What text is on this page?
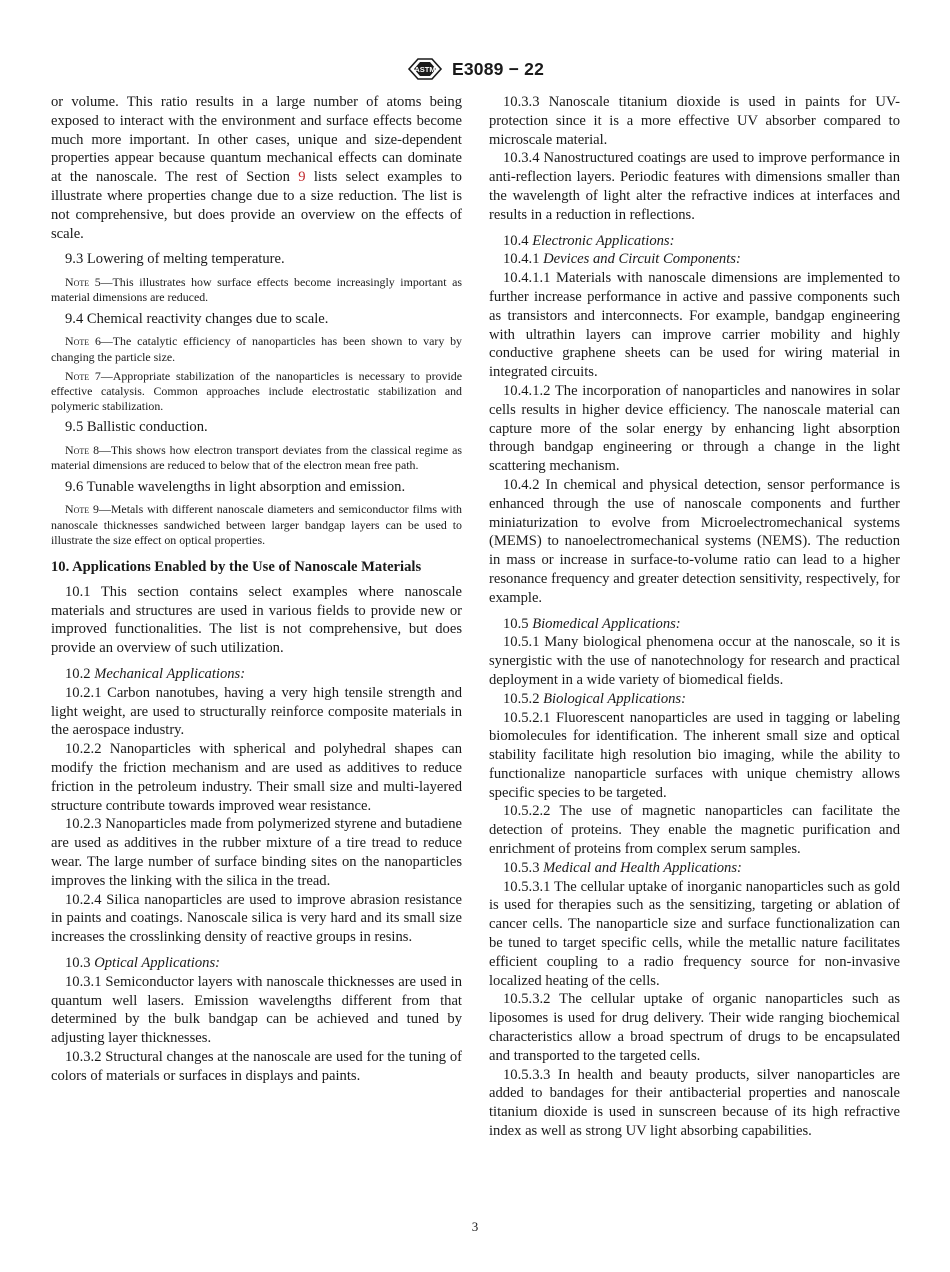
ASTM E3089 − 22

or volume. This ratio results in a large number of atoms being exposed to interact with the environment and surface effects become much more important. In other cases, unique and size-dependent properties appear because quantum mechanical effects can dominate at the nanoscale. The rest of Section 9 lists select examples to illustrate where properties change due to a size reduction. The list is not comprehensive, but does provide an overview on the effects of scale.

9.3 Lowering of melting temperature.

Note 5—This illustrates how surface effects become increasingly important as material dimensions are reduced.

9.4 Chemical reactivity changes due to scale.

Note 6—The catalytic efficiency of nanoparticles has been shown to vary by changing the particle size.

Note 7—Appropriate stabilization of the nanoparticles is necessary to provide effective catalysis. Common approaches include electrostatic stabilization and polymeric stabilization.

9.5 Ballistic conduction.

Note 8—This shows how electron transport deviates from the classical regime as material dimensions are reduced to below that of the electron mean free path.

9.6 Tunable wavelengths in light absorption and emission.

Note 9—Metals with different nanoscale diameters and semiconductor films with nanoscale thicknesses sandwiched between larger bandgap layers can be used to illustrate the size effect on optical properties.

10. Applications Enabled by the Use of Nanoscale Materials

10.1 This section contains select examples where nanoscale materials and structures are used in various fields to provide new or improved functionalities. The list is not comprehensive, but does provide an overview of such utilization.

10.2 Mechanical Applications:

10.2.1 Carbon nanotubes, having a very high tensile strength and light weight, are used to structurally reinforce composite materials in the aerospace industry.

10.2.2 Nanoparticles with spherical and polyhedral shapes can modify the friction mechanism and are used as additives to reduce friction in the petroleum industry. Their small size and multi-layered structure contribute towards improved wear resistance.

10.2.3 Nanoparticles made from polymerized styrene and butadiene are used as additives in the rubber mixture of a tire tread to reduce wear. The large number of surface binding sites on the nanoparticles improves the linking with the silica in the tread.

10.2.4 Silica nanoparticles are used to improve abrasion resistance in paints and coatings. Nanoscale silica is very hard and its small size increases the crosslinking density of reactive groups in resins.

10.3 Optical Applications:

10.3.1 Semiconductor layers with nanoscale thicknesses are used in quantum well lasers. Emission wavelengths different from that determined by the bulk bandgap can be achieved and tuned by adjusting layer thicknesses.

10.3.2 Structural changes at the nanoscale are used for the tuning of colors of materials or surfaces in displays and paints.

10.3.3 Nanoscale titanium dioxide is used in paints for UV-protection since it is a more effective UV absorber compared to microscale material.

10.3.4 Nanostructured coatings are used to improve performance in anti-reflection layers. Periodic features with dimensions smaller than the wavelength of light alter the refractive indices at interfaces and results in a reduction in reflections.

10.4 Electronic Applications:

10.4.1 Devices and Circuit Components:

10.4.1.1 Materials with nanoscale dimensions are implemented to further increase performance in active and passive components such as transistors and interconnects. For example, bandgap engineering with ultrathin layers can improve carrier mobility and highly conductive graphene sheets can be used for wiring material in integrated circuits.

10.4.1.2 The incorporation of nanoparticles and nanowires in solar cells results in higher device efficiency. The nanoscale material can capture more of the solar energy by enhancing light absorption through bandgap engineering or through a change in the light scattering mechanism.

10.4.2 In chemical and physical detection, sensor performance is enhanced through the use of nanoscale components and further miniaturization to evolve from Microelectromechanical systems (MEMS) to nanoelectromechanical systems (NEMS). The reduction in mass or increase in surface-to-volume ratio can lead to a higher resonance frequency and greater detection sensitivity, respectively, for example.

10.5 Biomedical Applications:

10.5.1 Many biological phenomena occur at the nanoscale, so it is synergistic with the use of nanotechnology for research and practical deployment in a wide variety of biomedical fields.

10.5.2 Biological Applications:

10.5.2.1 Fluorescent nanoparticles are used in tagging or labeling biomolecules for identification. The inherent small size and optical stability facilitate high resolution bio imaging, while the ability to functionalize nanoparticle surfaces with unique chemistry allows specific species to be targeted.

10.5.2.2 The use of magnetic nanoparticles can facilitate the detection of proteins. They enable the magnetic purification and enrichment of proteins from complex serum samples.

10.5.3 Medical and Health Applications:

10.5.3.1 The cellular uptake of inorganic nanoparticles such as gold is used for therapies such as the sensitizing, targeting or ablation of cancer cells. The nanoparticle size and surface functionalization can be tuned to target specific cells, while the metallic nature facilitates efficient coupling to a radio frequency source for non-invasive localized heating of the cells.

10.5.3.2 The cellular uptake of organic nanoparticles such as liposomes is used for drug delivery. Their wide ranging biochemical characteristics allow a broad spectrum of drugs to be encapsulated and transported to the targeted cells.

10.5.3.3 In health and beauty products, silver nanoparticles are added to bandages for their antibacterial properties and nanoscale titanium dioxide is used in sunscreen because of its high refractive index as well as strong UV light absorbing capabilities.

3
